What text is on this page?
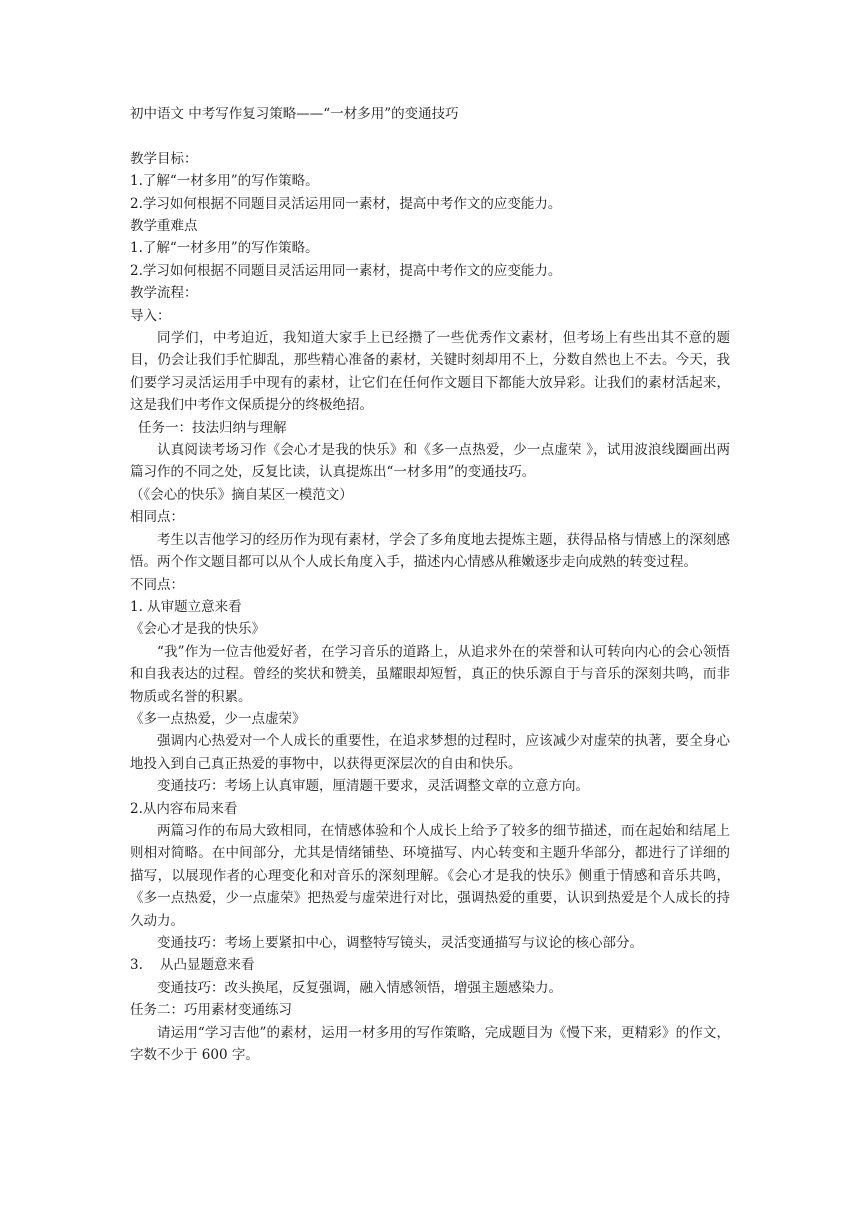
初中语文 中考写作复习策略——“一材多用”的变通技巧

教学目标：

1.了解“一材多用”的写作策略。

2.学习如何根据不同题目灵活运用同一素材，提高中考作文的应变能力。

教学重难点

1.了解“一材多用”的写作策略。

2.学习如何根据不同题目灵活运用同一素材，提高中考作文的应变能力。

教学流程：

导入：

同学们，中考迫近，我知道大家手上已经攒了一些优秀作文素材，但考场上有些出其不意的题目，仍会让我们手忙脚乱，那些精心准备的素材，关键时刻却用不上，分数自然也上不去。今天，我们要学习灵活运用手中现有的素材，让它们在任何作文题目下都能大放异彩。让我们的素材活起来，这是我们中考作文保质提分的终极绝招。

任务一：技法归纳与理解

认真阅读考场习作《会心才是我的快乐》和《多一点热爱，少一点虚荣 》，试用波浪线圈画出两篇习作的不同之处，反复比读，认真提炼出“一材多用”的变通技巧。

（《会心的快乐》摘自某区一模范文）

相同点：

考生以吉他学习的经历作为现有素材，学会了多角度地去提炼主题，获得品格与情感上的深刻感悟。两个作文题目都可以从个人成长角度入手，描述内心情感从稚嫩逐步走向成熟的转变过程。

不同点：

1. 从审题立意来看

《会心才是我的快乐》

“我”作为一位吉他爱好者，在学习音乐的道路上，从追求外在的荣誉和认可转向内心的会心领悟和自我表达的过程。曾经的奖状和赞美，虽耀眼却短暂，真正的快乐源自于与音乐的深刻共鸣，而非物质或名誉的积累。

《多一点热爱，少一点虚荣》

强调内心热爱对一个人成长的重要性，在追求梦想的过程时，应该减少对虚荣的执著，要全身心地投入到自己真正热爱的事物中，以获得更深层次的自由和快乐。

变通技巧：考场上认真审题，厘清题干要求，灵活调整文章的立意方向。

2.从内容布局来看

两篇习作的布局大致相同，在情感体验和个人成长上给予了较多的细节描述，而在起始和结尾上则相对简略。在中间部分，尤其是情绪铺垫、环境描写、内心转变和主题升华部分，都进行了详细的描写，以展现作者的心理变化和对音乐的深刻理解。《会心才是我的快乐》侧重于情感和音乐共鸣，《多一点热爱，少一点虚荣》把热爱与虚荣进行对比，强调热爱的重要，认识到热爱是个人成长的持久动力。

变通技巧：考场上要紧扣中心，调整特写镜头，灵活变通描写与议论的核心部分。

3. 从凸显题意来看

变通技巧：改头换尾，反复强调，融入情感领悟，增强主题感染力。

任务二：巧用素材变通练习

请运用“学习吉他”的素材，运用一材多用的写作策略，完成题目为《慢下来，更精彩》的作文，字数不少于 600 字。
